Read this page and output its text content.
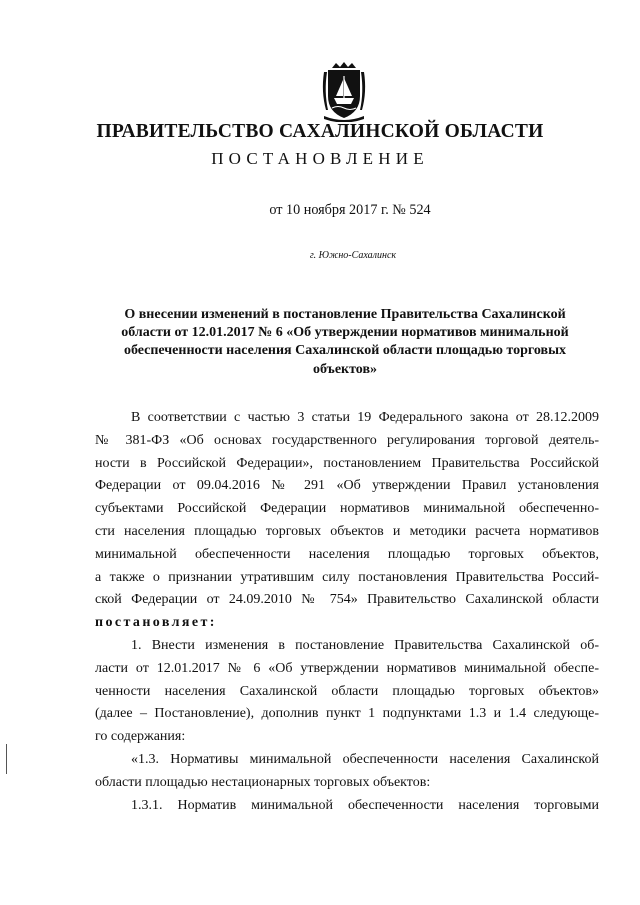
ПРАВИТЕЛЬСТВО САХАЛИНСКОЙ ОБЛАСТИ
ПОСТАНОВЛЕНИЕ
от 10 ноября 2017 г. № 524
г. Южно-Сахалинск
О внесении изменений в постановление Правительства Сахалинской
области от 12.01.2017 № 6 «Об утверждении нормативов минимальной
обеспеченности населения Сахалинской области площадью торговых
объектов»
В соответствии с частью 3 статьи 19 Федерального закона от 28.12.2009
№ 381-ФЗ «Об основах государственного регулирования торговой деятель-
ности в Российской Федерации», постановлением Правительства Российской
Федерации от 09.04.2016 № 291 «Об утверждении Правил установления
субъектами Российской Федерации нормативов минимальной обеспеченно-
сти населения площадью торговых объектов и методики расчета нормативов
минимальной обеспеченности населения площадью торговых объектов,
а также о признании утратившим силу постановления Правительства Россий-
ской Федерации от 24.09.2010 № 754» Правительство Сахалинской области
постановляет:
1. Внести изменения в постановление Правительства Сахалинской об-
ласти от 12.01.2017 № 6 «Об утверждении нормативов минимальной обеспе-
ченности населения Сахалинской области площадью торговых объектов»
(далее – Постановление), дополнив пункт 1 подпунктами 1.3 и 1.4 следующе-
го содержания:
«1.3. Нормативы минимальной обеспеченности населения Сахалинской
области площадью нестационарных торговых объектов:
1.3.1. Норматив минимальной обеспеченности населения торговыми
